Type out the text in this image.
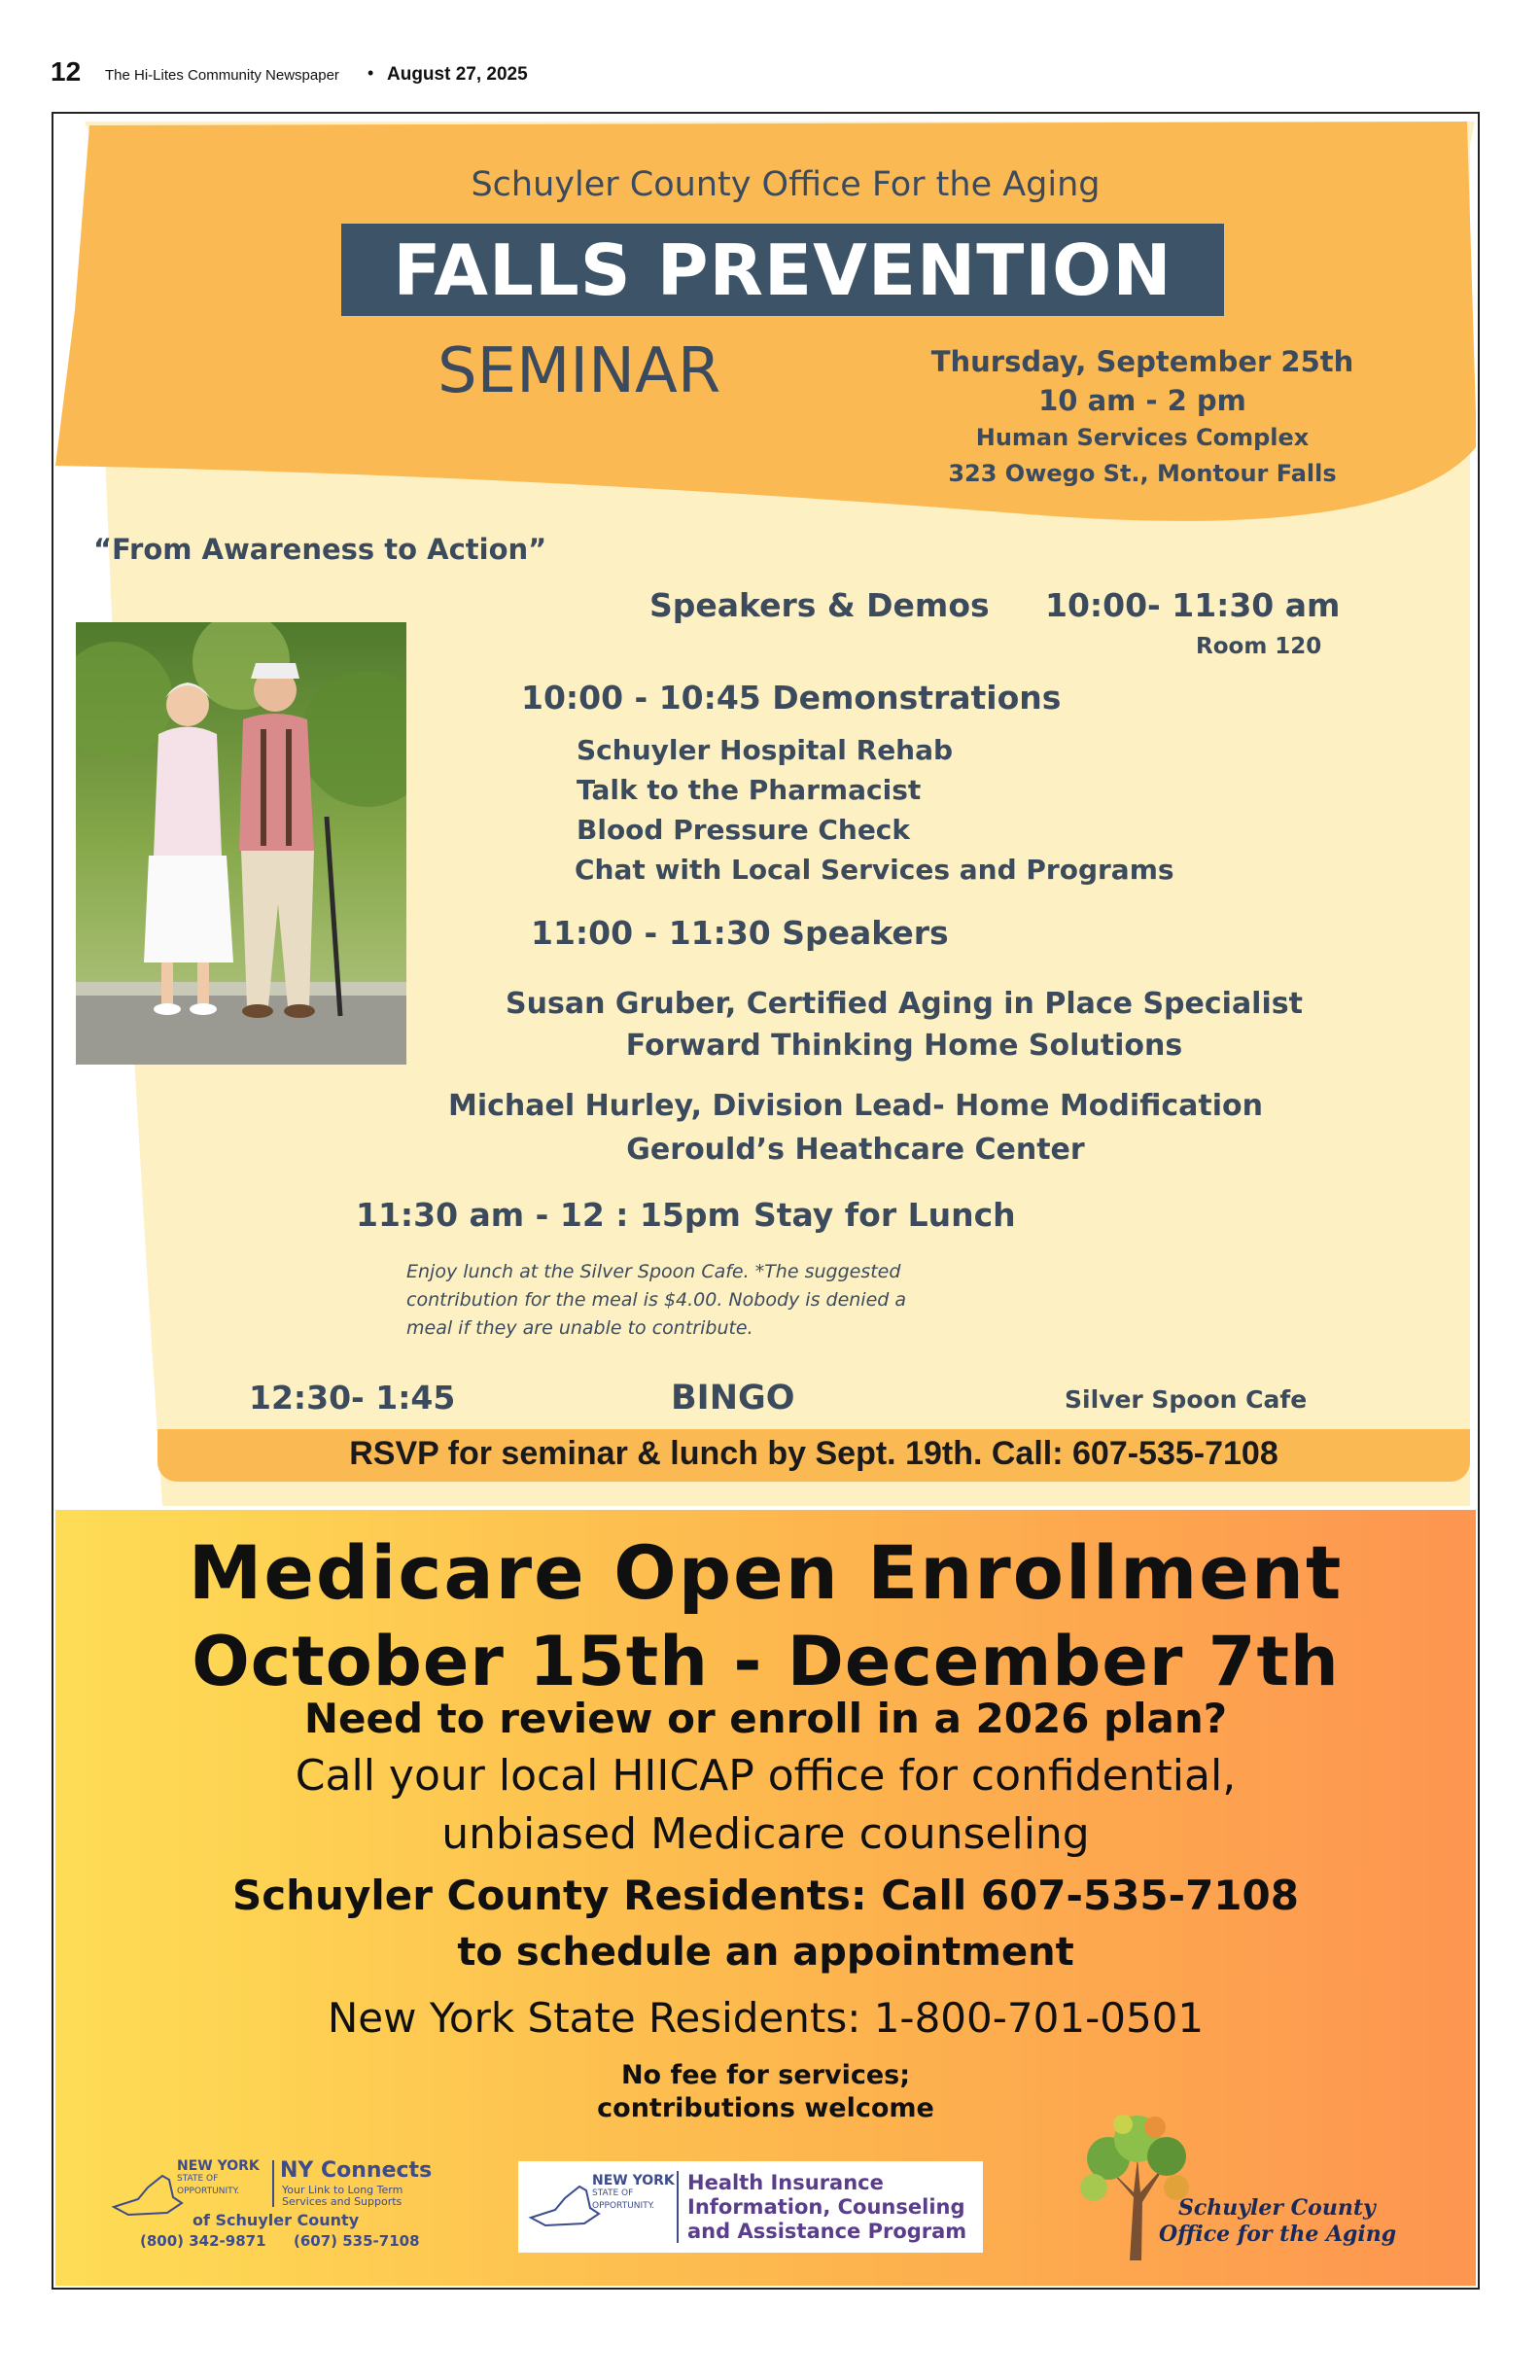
12 The Hi-Lites Community Newspaper • August 27, 2025
Schuyler County Office For the Aging
FALLS PREVENTION
SEMINAR	Thursday, September 25th
10 am - 2 pm
Human Services Complex
323 Owego St., Montour Falls
“From Awareness to Action”
Speakers & Demos 10:00- 11:30 am
Room 120
10:00 - 10:45 Demonstrations
Schuyler Hospital Rehab
Talk to the Pharmacist
Blood Pressure Check
Chat with Local Services and Programs
11:00 - 11:30 Speakers
Susan Gruber, Certified Aging in Place Specialist
Forward Thinking Home Solutions
Michael Hurley, Division Lead- Home Modification
Gerould’s Heathcare Center
11:30 am - 12 : 15pm Stay for Lunch
Enjoy lunch at the Silver Spoon Cafe. *The suggested
contribution for the meal is $4.00. Nobody is denied a
meal if they are unable to contribute.
12:30- 1:45	BINGO	Silver Spoon Cafe
RSVP for seminar & lunch by Sept. 19th. Call: 607-535-7108
Medicare Open Enrollment
October 15th - December 7th
Need to review or enroll in a 2026 plan?
Call your local HIICAP office for confidential,
unbiased Medicare counseling
Schuyler County Residents: Call 607-535-7108
to schedule an appointment
New York State Residents: 1-800-701-0501
No fee for services;
contributions welcome
NEW YORK
STATE OF
OPPORTUNITY.
NY Connects
Your Link to Long Term
Services and Supports
of Schuyler County
(800) 342-9871 (607) 535-7108
NEW YORK
STATE OF
OPPORTUNITY.
Health Insurance
Information, Counseling
and Assistance Program
Schuyler County
Office for the Aging
